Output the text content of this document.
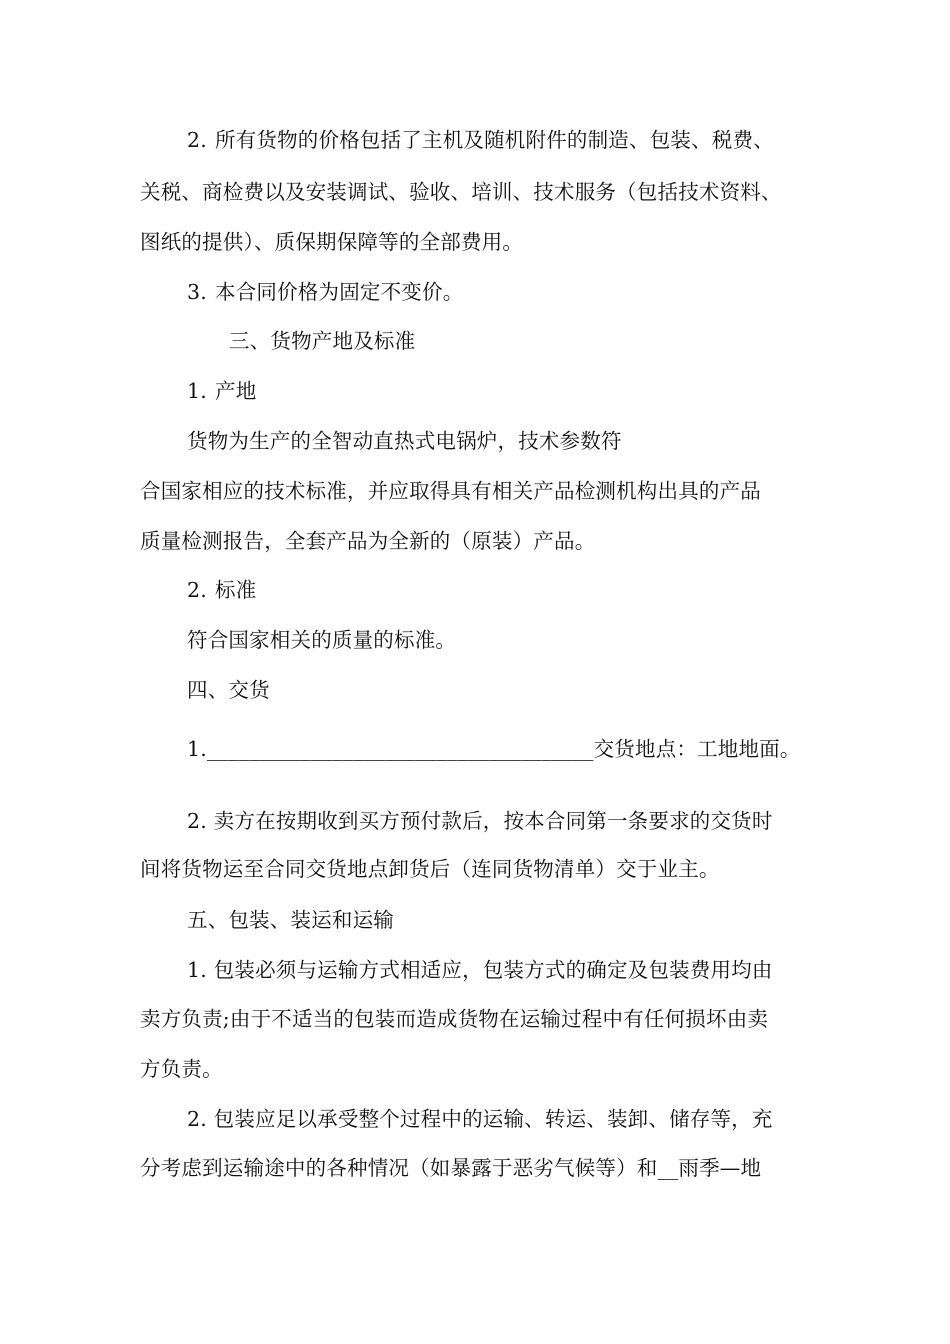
2. 所有货物的价格包括了主机及随机附件的制造、包装、税费、
关税、商检费以及安装调试、验收、培训、技术服务（包括技术资料、
图纸的提供）、质保期保障等的全部费用。
3. 本合同价格为固定不变价。
三、货物产地及标准
1. 产地
货物为生产的全智动直热式电锅炉，技术参数符
合国家相应的技术标准，并应取得具有相关产品检测机构出具的产品
质量检测报告，全套产品为全新的（原装）产品。
2. 标准
符合国家相关的质量的标准。
四、交货
1._____________________________________交货地点：工地地面。
2. 卖方在按期收到买方预付款后，按本合同第一条要求的交货时
间将货物运至合同交货地点卸货后（连同货物清单）交于业主。
五、包装、装运和运输
1. 包装必须与运输方式相适应，包装方式的确定及包装费用均由
卖方负责;由于不适当的包装而造成货物在运输过程中有任何损坏由卖
方负责。
2. 包装应足以承受整个过程中的运输、转运、装卸、储存等，充
分考虑到运输途中的各种情况（如暴露于恶劣气候等）和__雨季—地
